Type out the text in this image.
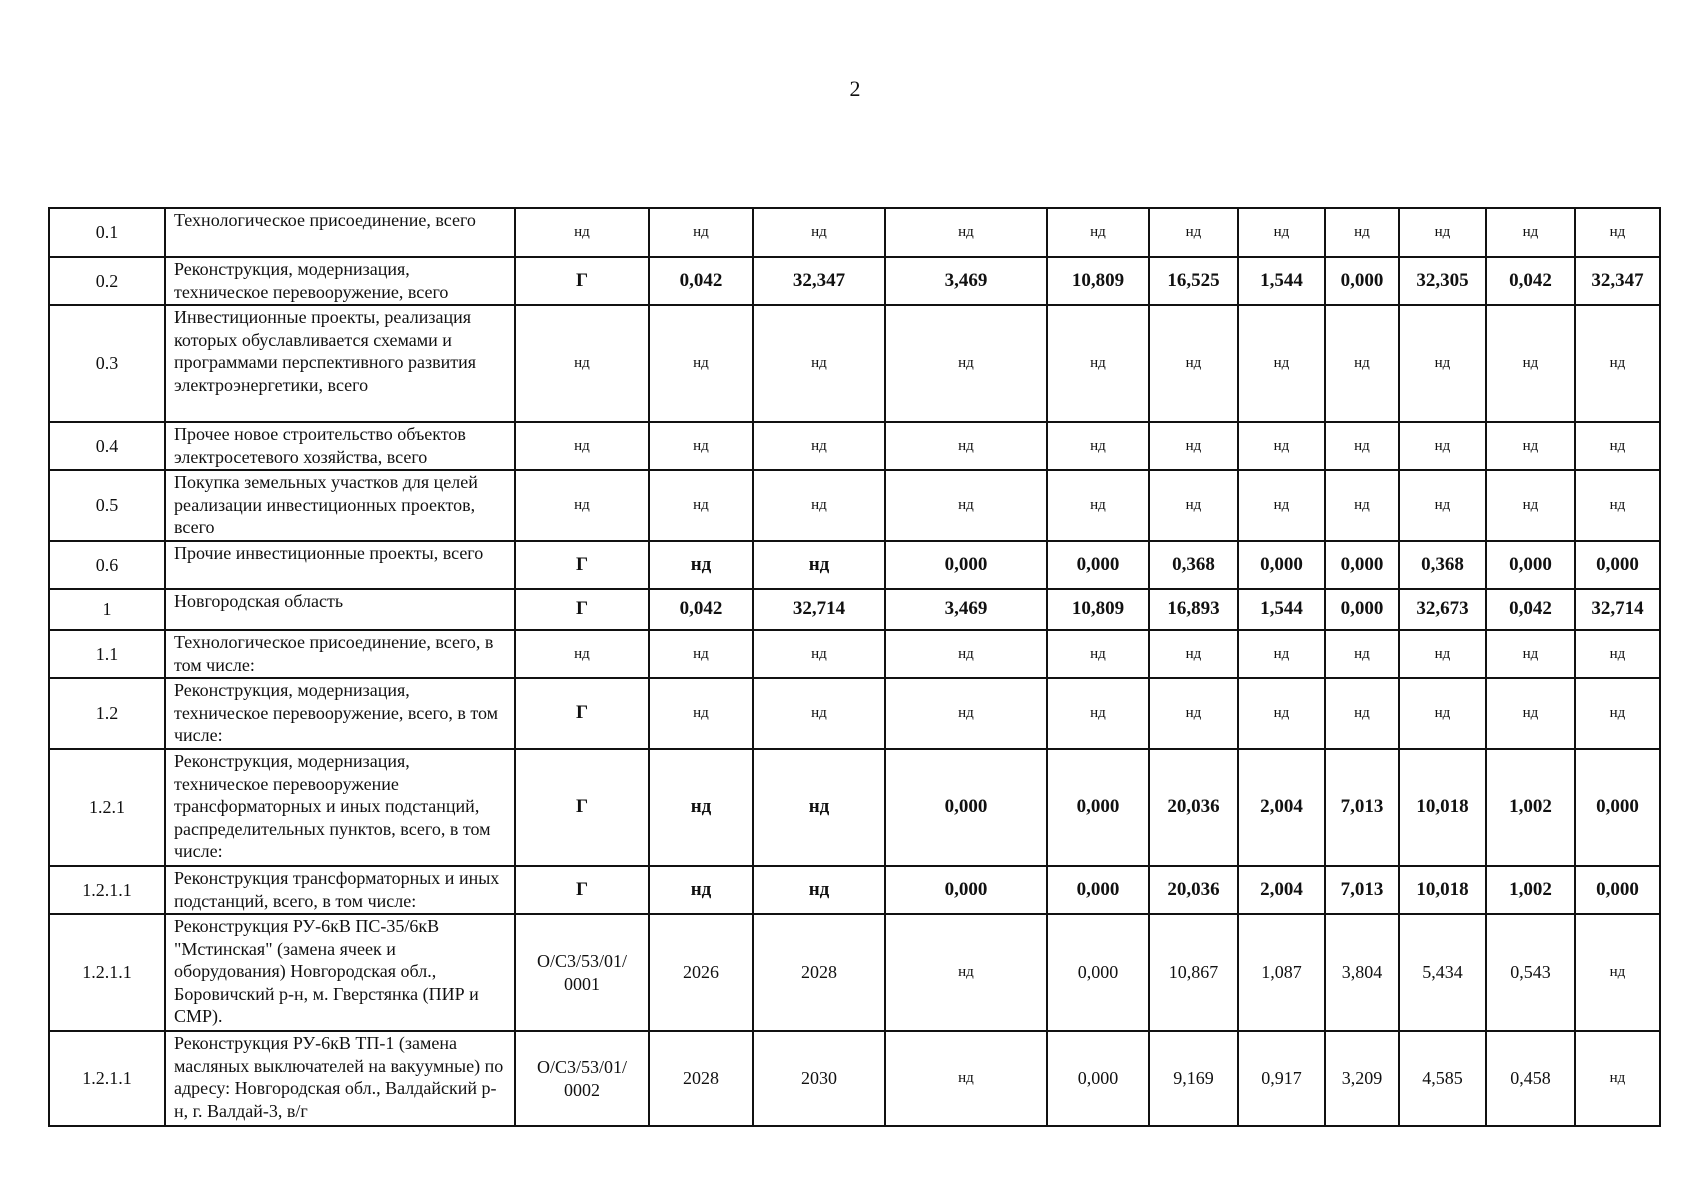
2
0.1	Технологическое присоединение, всего	нд	нд	нд	нд	нд	нд	нд	нд	нд	нд	нд
0.2	Реконструкция, модернизация, техническое перевооружение, всего	Г	0,042	32,347	3,469	10,809	16,525	1,544	0,000	32,305	0,042	32,347
0.3	Инвестиционные проекты, реализация которых обуславливается схемами и программами перспективного развития электроэнергетики, всего	нд	нд	нд	нд	нд	нд	нд	нд	нд	нд	нд
0.4	Прочее новое строительство объектов электросетевого хозяйства, всего	нд	нд	нд	нд	нд	нд	нд	нд	нд	нд	нд
0.5	Покупка земельных участков для целей реализации инвестиционных проектов, всего	нд	нд	нд	нд	нд	нд	нд	нд	нд	нд	нд
0.6	Прочие инвестиционные проекты, всего	Г	нд	нд	0,000	0,000	0,368	0,000	0,000	0,368	0,000	0,000
1	Новгородская область	Г	0,042	32,714	3,469	10,809	16,893	1,544	0,000	32,673	0,042	32,714
1.1	Технологическое присоединение, всего, в том числе:	нд	нд	нд	нд	нд	нд	нд	нд	нд	нд	нд
1.2	Реконструкция, модернизация, техническое перевооружение, всего, в том числе:	Г	нд	нд	нд	нд	нд	нд	нд	нд	нд	нд
1.2.1	Реконструкция, модернизация, техническое перевооружение трансформаторных и иных подстанций, распределительных пунктов, всего, в том числе:	Г	нд	нд	0,000	0,000	20,036	2,004	7,013	10,018	1,002	0,000
1.2.1.1	Реконструкция трансформаторных и иных подстанций, всего, в том числе:	Г	нд	нд	0,000	0,000	20,036	2,004	7,013	10,018	1,002	0,000
1.2.1.1	Реконструкция РУ-6кВ ПС-35/6кВ "Мстинская" (замена ячеек и оборудования) Новгородская обл., Боровичский р-н, м. Гверстянка (ПИР и СМР).	O/C3/53/01/ 0001	2026	2028	нд	0,000	10,867	1,087	3,804	5,434	0,543	нд
1.2.1.1	Реконструкция РУ-6кВ ТП-1 (замена масляных выключателей на вакуумные) по адресу: Новгородская обл., Валдайский р-н, г. Валдай-3, в/г	O/C3/53/01/ 0002	2028	2030	нд	0,000	9,169	0,917	3,209	4,585	0,458	нд
